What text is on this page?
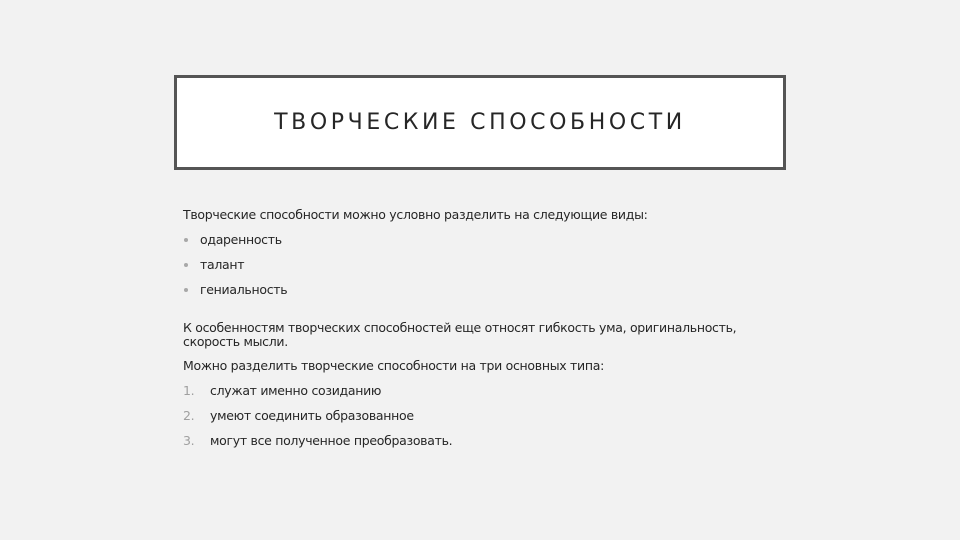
ТВОРЧЕСКИЕ СПОСОБНОСТИ

Творческие способности можно условно разделить на следующие виды:

одаренность
талант
гениальность

К особенностям творческих способностей еще относят гибкость ума, оригинальность, скорость мысли.

Можно разделить творческие способности на три основных типа:

1.	служат именно созиданию
2.	умеют соединить образованное
3.	могут все полученное преобразовать.
